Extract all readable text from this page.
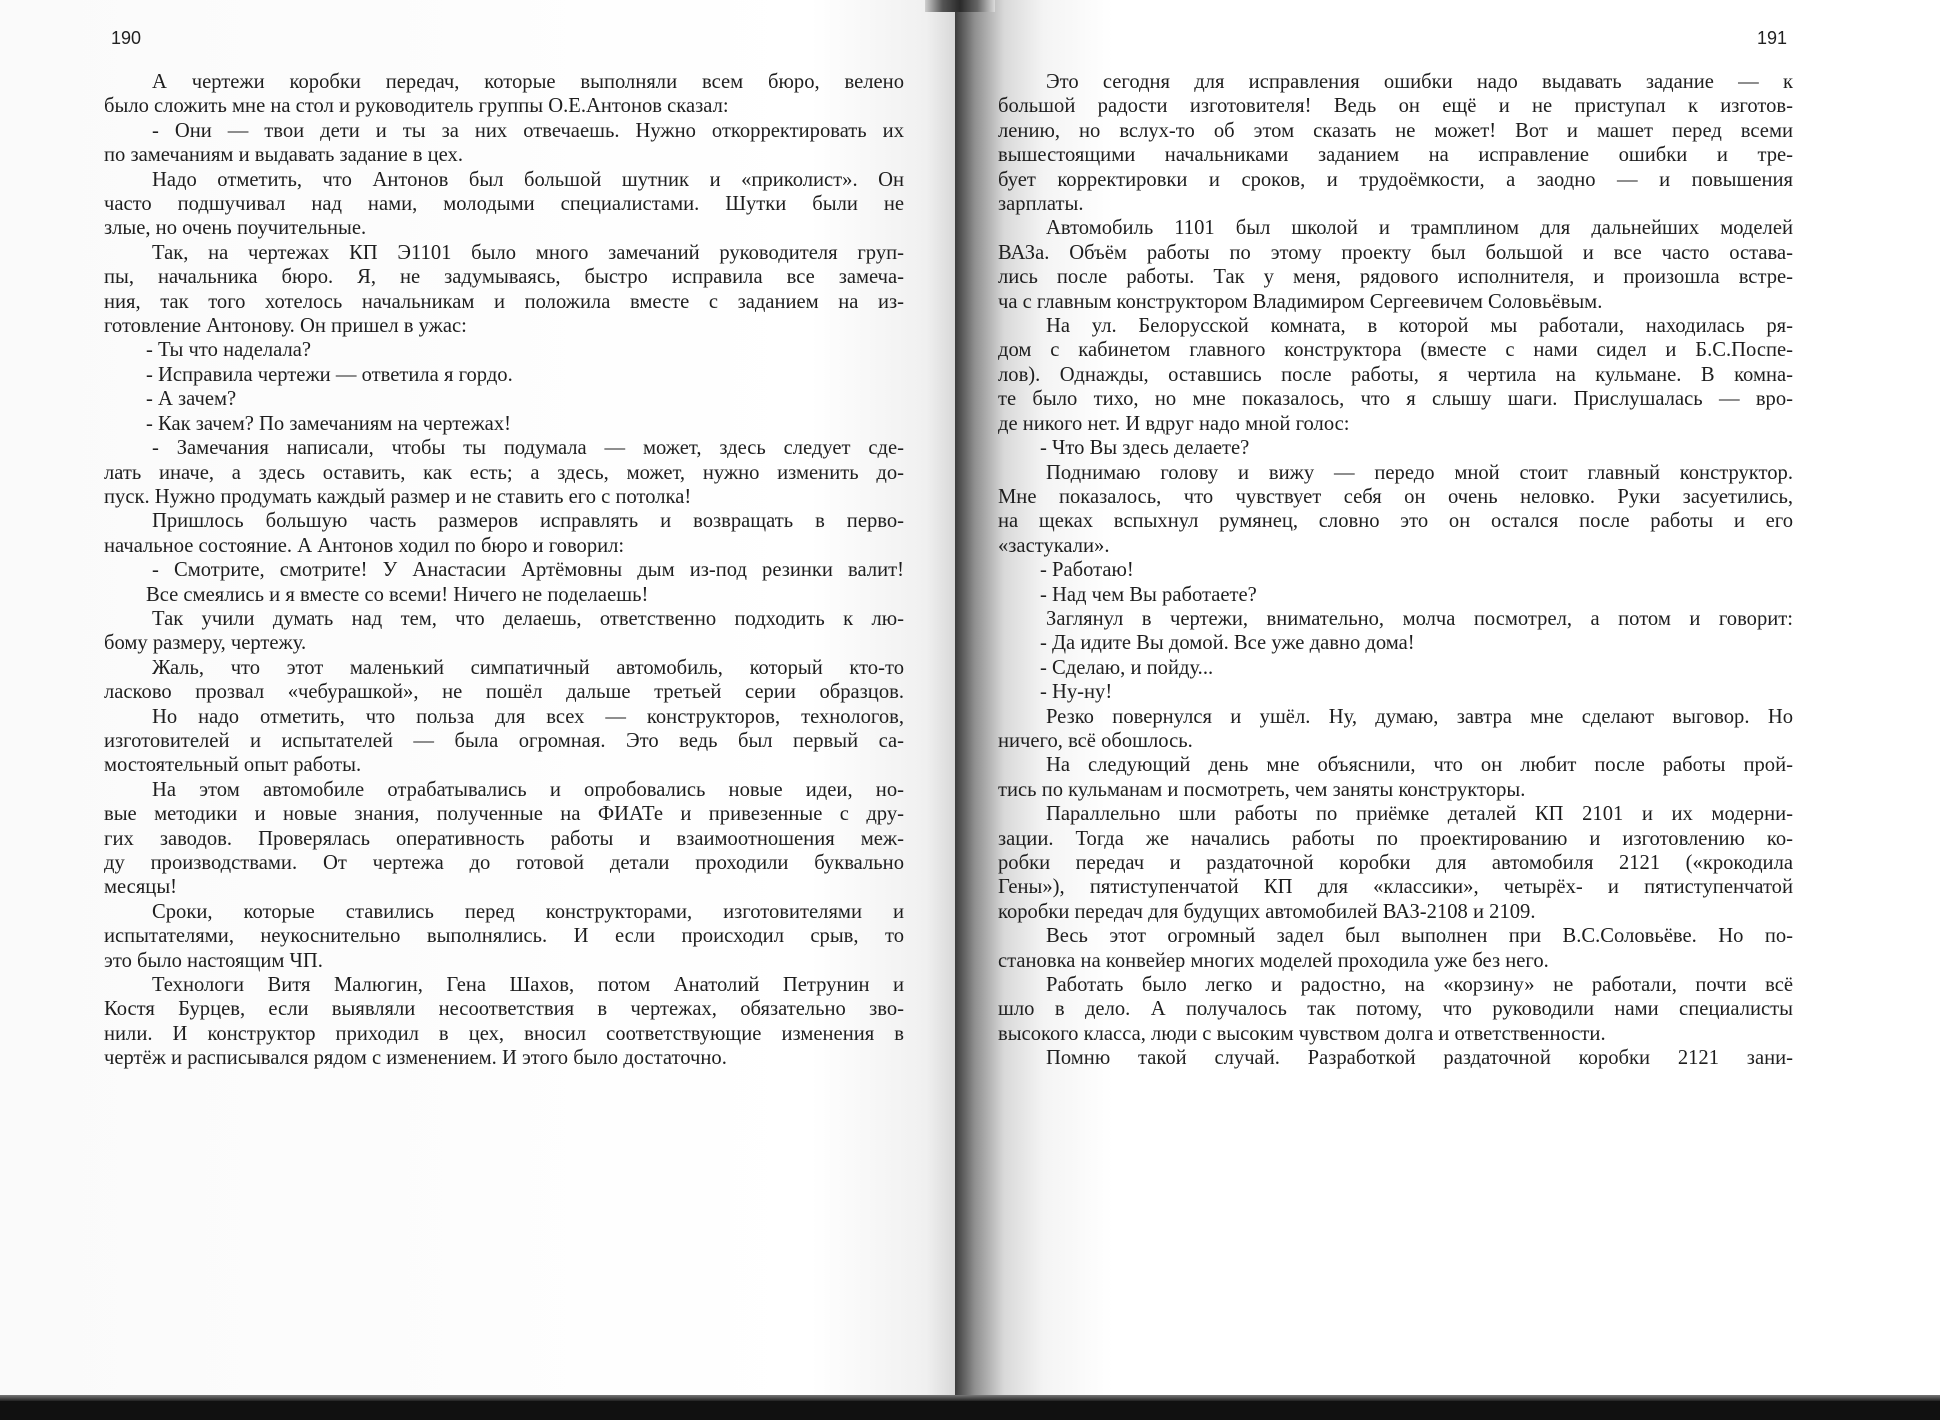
190

А чертежи коробки передач, которые выполняли всем бюро, велено

было сложить мне на стол и руководитель группы О.Е.Антонов сказал:

- Они — твои дети и ты за них отвечаешь. Нужно откорректировать их

по замечаниям и выдавать задание в цех.

Надо отметить, что Антонов был большой шутник и «приколист». Он

часто подшучивал над нами, молодыми специалистами. Шутки были не

злые, но очень поучительные.

Так, на чертежах КП Э1101 было много замечаний руководителя груп-

пы, начальника бюро. Я, не задумываясь, быстро исправила все замеча-

ния, так того хотелось начальникам и положила вместе с заданием на из-

готовление Антонову. Он пришел в ужас:

- Ты что наделала?

- Исправила чертежи — ответила я гордо.

- А зачем?

- Как зачем? По замечаниям на чертежах!

- Замечания написали, чтобы ты подумала — может, здесь следует сде-

лать иначе, а здесь оставить, как есть; а здесь, может, нужно изменить до-

пуск. Нужно продумать каждый размер и не ставить его с потолка!

Пришлось большую часть размеров исправлять и возвращать в перво-

начальное состояние. А Антонов ходил по бюро и говорил:

- Смотрите, смотрите! У Анастасии Артёмовны дым из-под резинки валит!

Все смеялись и я вместе со всеми! Ничего не поделаешь!

Так учили думать над тем, что делаешь, ответственно подходить к лю-

бому размеру, чертежу.

Жаль, что этот маленький симпатичный автомобиль, который кто-то

ласково прозвал «чебурашкой», не пошёл дальше третьей серии образцов.

Но надо отметить, что польза для всех — конструкторов, технологов,

изготовителей и испытателей — была огромная. Это ведь был первый са-

мостоятельный опыт работы.

На этом автомобиле отрабатывались и опробовались новые идеи, но-

вые методики и новые знания, полученные на ФИАТе и привезенные с дру-

гих заводов. Проверялась оперативность работы и взаимоотношения меж-

ду производствами. От чертежа до готовой детали проходили буквально

месяцы!

Сроки, которые ставились перед конструкторами, изготовителями и

испытателями, неукоснительно выполнялись. И если происходил срыв, то

это было настоящим ЧП.

Технологи Витя Малюгин, Гена Шахов, потом Анатолий Петрунин и

Костя Бурцев, если выявляли несоответствия в чертежах, обязательно зво-

нили. И конструктор приходил в цех, вносил соответствующие изменения в

чертёж и расписывался рядом с изменением. И этого было достаточно.

191

Это сегодня для исправления ошибки надо выдавать задание — к

большой радости изготовителя! Ведь он ещё и не приступал к изготов-

лению, но вслух-то об этом сказать не может! Вот и машет перед всеми

вышестоящими начальниками заданием на исправление ошибки и тре-

бует корректировки и сроков, и трудоёмкости, а заодно — и повышения

зарплаты.

Автомобиль 1101 был школой и трамплином для дальнейших моделей

ВАЗа. Объём работы по этому проекту был большой и все часто остава-

лись после работы. Так у меня, рядового исполнителя, и произошла встре-

ча с главным конструктором Владимиром Сергеевичем Соловьёвым.

На ул. Белорусской комната, в которой мы работали, находилась ря-

дом с кабинетом главного конструктора (вместе с нами сидел и Б.С.Поспе-

лов). Однажды, оставшись после работы, я чертила на кульмане. В комна-

те было тихо, но мне показалось, что я слышу шаги. Прислушалась — вро-

де никого нет. И вдруг надо мной голос:

- Что Вы здесь делаете?

Поднимаю голову и вижу — передо мной стоит главный конструктор.

Мне показалось, что чувствует себя он очень неловко. Руки засуетились,

на щеках вспыхнул румянец, словно это он остался после работы и его

«застукали».

- Работаю!

- Над чем Вы работаете?

Заглянул в чертежи, внимательно, молча посмотрел, а потом и говорит:

- Да идите Вы домой. Все уже давно дома!

- Сделаю, и пойду...

- Ну-ну!

Резко повернулся и ушёл. Ну, думаю, завтра мне сделают выговор. Но

ничего, всё обошлось.

На следующий день мне объяснили, что он любит после работы прой-

тись по кульманам и посмотреть, чем заняты конструкторы.

Параллельно шли работы по приёмке деталей КП 2101 и их модерни-

зации. Тогда же начались работы по проектированию и изготовлению ко-

робки передач и раздаточной коробки для автомобиля 2121 («крокодила

Гены»), пятиступенчатой КП для «классики», четырёх- и пятиступенчатой

коробки передач для будущих автомобилей ВАЗ-2108 и 2109.

Весь этот огромный задел был выполнен при В.С.Соловьёве. Но по-

становка на конвейер многих моделей проходила уже без него.

Работать было легко и радостно, на «корзину» не работали, почти всё

шло в дело. А получалось так потому, что руководили нами специалисты

высокого класса, люди с высоким чувством долга и ответственности.

Помню такой случай. Разработкой раздаточной коробки 2121 зани-
